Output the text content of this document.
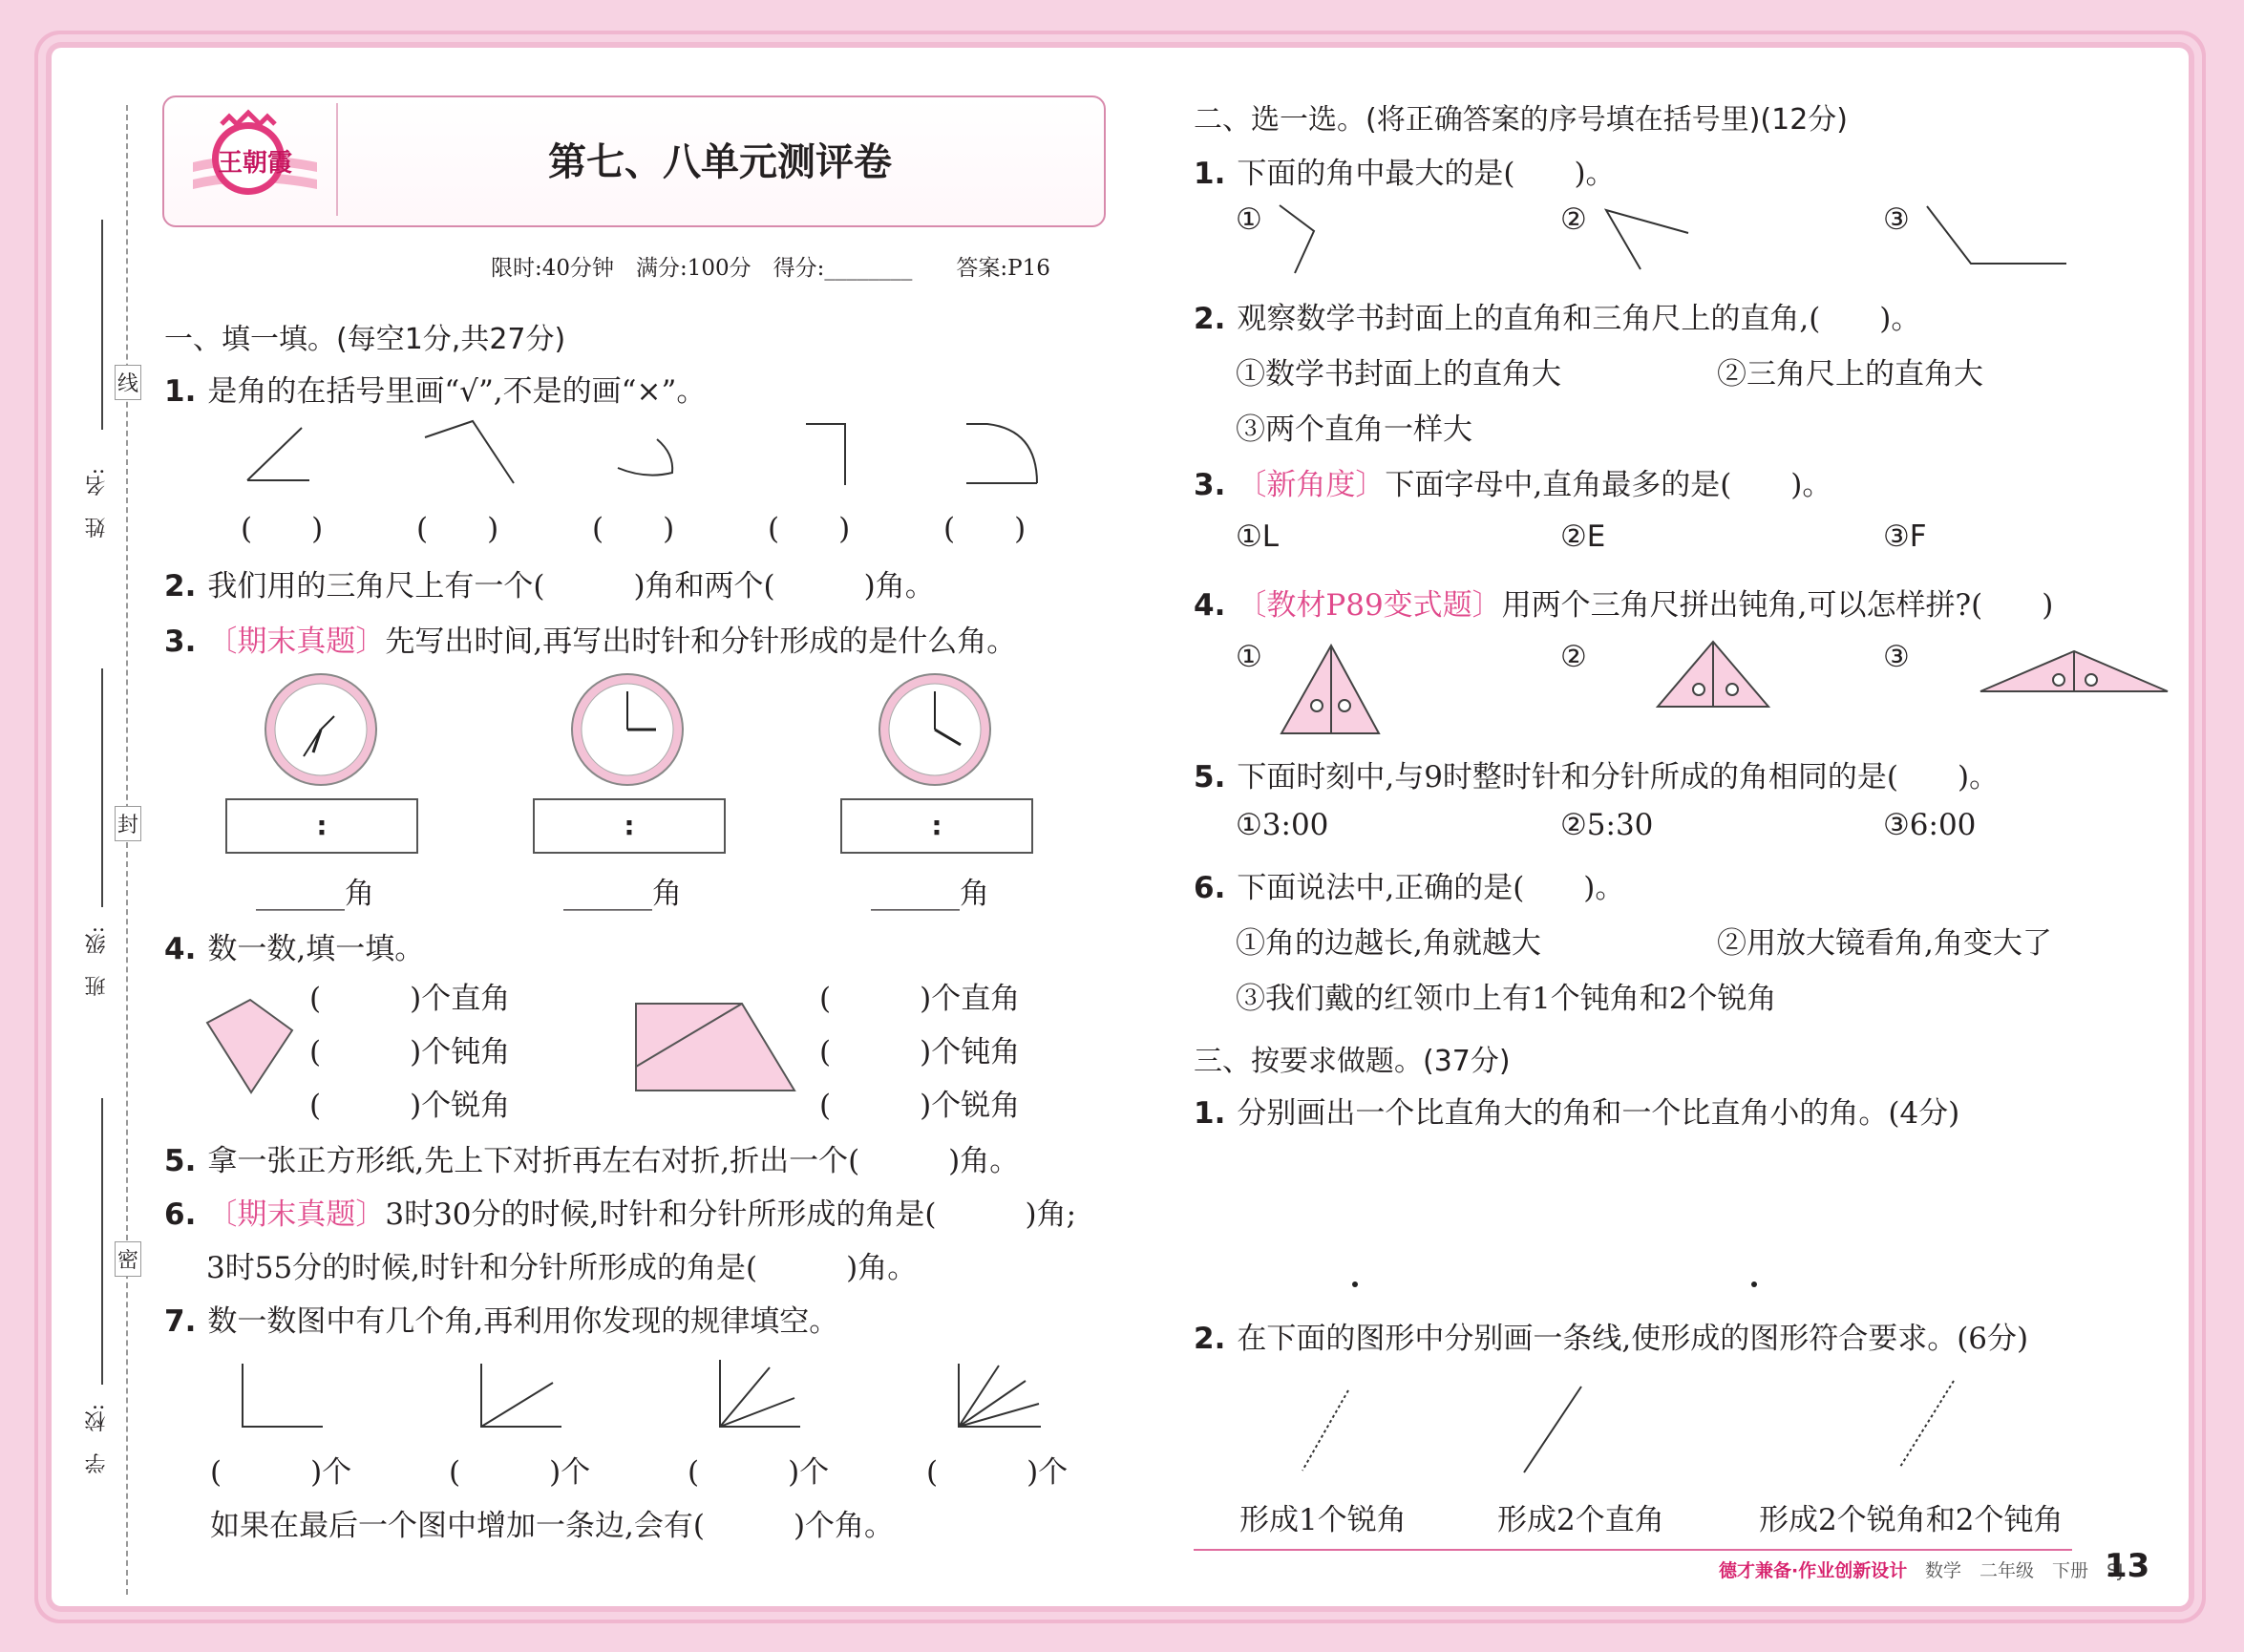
姓　名:
班　级:
学　校:
线
封
密
王朝霞	第七、八单元测评卷
限时:40分钟　满分:100分　得分:________　　答案:P16
一、填一填。(每空1分,共27分)
1. 是角的在括号里画“√”,不是的画“×”。
(　　)	(　　)	(　　)	(　　)	(　　)
2. 我们用的三角尺上有一个(　　　)角和两个(　　　)角。
3. 〔期末真题〕先写出时间,再写出时针和分针形成的是什么角。
:	:	:
______角	______角	______角
4. 数一数,填一填。
(　　　)个直角
(　　　)个钝角
(　　　)个锐角
(　　　)个直角
(　　　)个钝角
(　　　)个锐角
5. 拿一张正方形纸,先上下对折再左右对折,折出一个(　　　)角。
6. 〔期末真题〕3时30分的时候,时针和分针所形成的角是(　　　)角;
3时55分的时候,时针和分针所形成的角是(　　　)角。
7. 数一数图中有几个角,再利用你发现的规律填空。
(　　　)个	(　　　)个	(　　　)个	(　　　)个
如果在最后一个图中增加一条边,会有(　　　)个角。
二、选一选。(将正确答案的序号填在括号里)(12分)
1. 下面的角中最大的是(　　)。
①	②	③
2. 观察数学书封面上的直角和三角尺上的直角,(　　)。
①数学书封面上的直角大	②三角尺上的直角大
③两个直角一样大
3. 〔新角度〕下面字母中,直角最多的是(　　)。
①L	②E	③F
4. 〔教材P89变式题〕用两个三角尺拼出钝角,可以怎样拼?(　　)
①	②	③
5. 下面时刻中,与9时整时针和分针所成的角相同的是(　　)。
①3:00	②5:30	③6:00
6. 下面说法中,正确的是(　　)。
①角的边越长,角就越大	②用放大镜看角,角变大了
③我们戴的红领巾上有1个钝角和2个锐角
三、按要求做题。(37分)
1. 分别画出一个比直角大的角和一个比直角小的角。(4分)
2. 在下面的图形中分别画一条线,使形成的图形符合要求。(6分)
形成1个锐角	形成2个直角	形成2个锐角和2个钝角
德才兼备·作业创新设计 数学　二年级　下册　SJ
13
